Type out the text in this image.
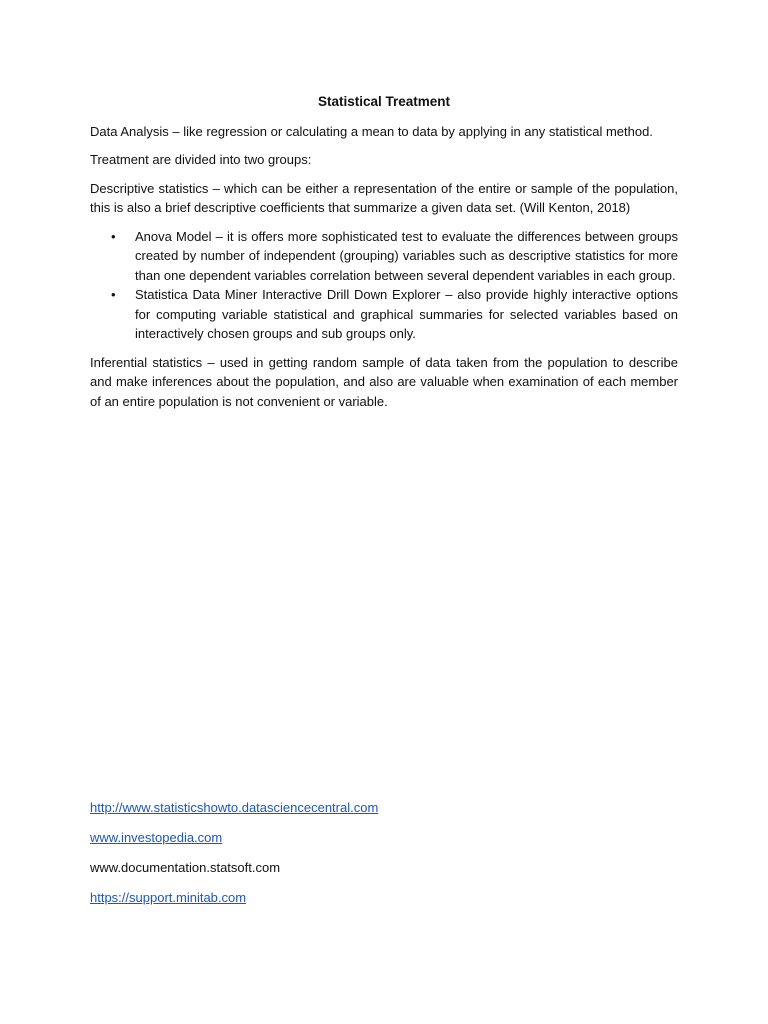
Statistical Treatment

Data Analysis – like regression or calculating a mean to data by applying in any statistical method.

Treatment are divided into two groups:

Descriptive statistics – which can be either a representation of the entire or sample of the population, this is also a brief descriptive coefficients that summarize a given data set. (Will Kenton, 2018)

• Anova Model – it is offers more sophisticated test to evaluate the differences between groups created by number of independent (grouping) variables such as descriptive statistics for more than one dependent variables correlation between several dependent variables in each group.
• Statistica Data Miner Interactive Drill Down Explorer – also provide highly interactive options for computing variable statistical and graphical summaries for selected variables based on interactively chosen groups and sub groups only.

Inferential statistics – used in getting random sample of data taken from the population to describe and make inferences about the population, and also are valuable when examination of each member of an entire population is not convenient or variable.

http://www.statisticshowto.datasciencecentral.com

www.investopedia.com

www.documentation.statsoft.com

https://support.minitab.com
